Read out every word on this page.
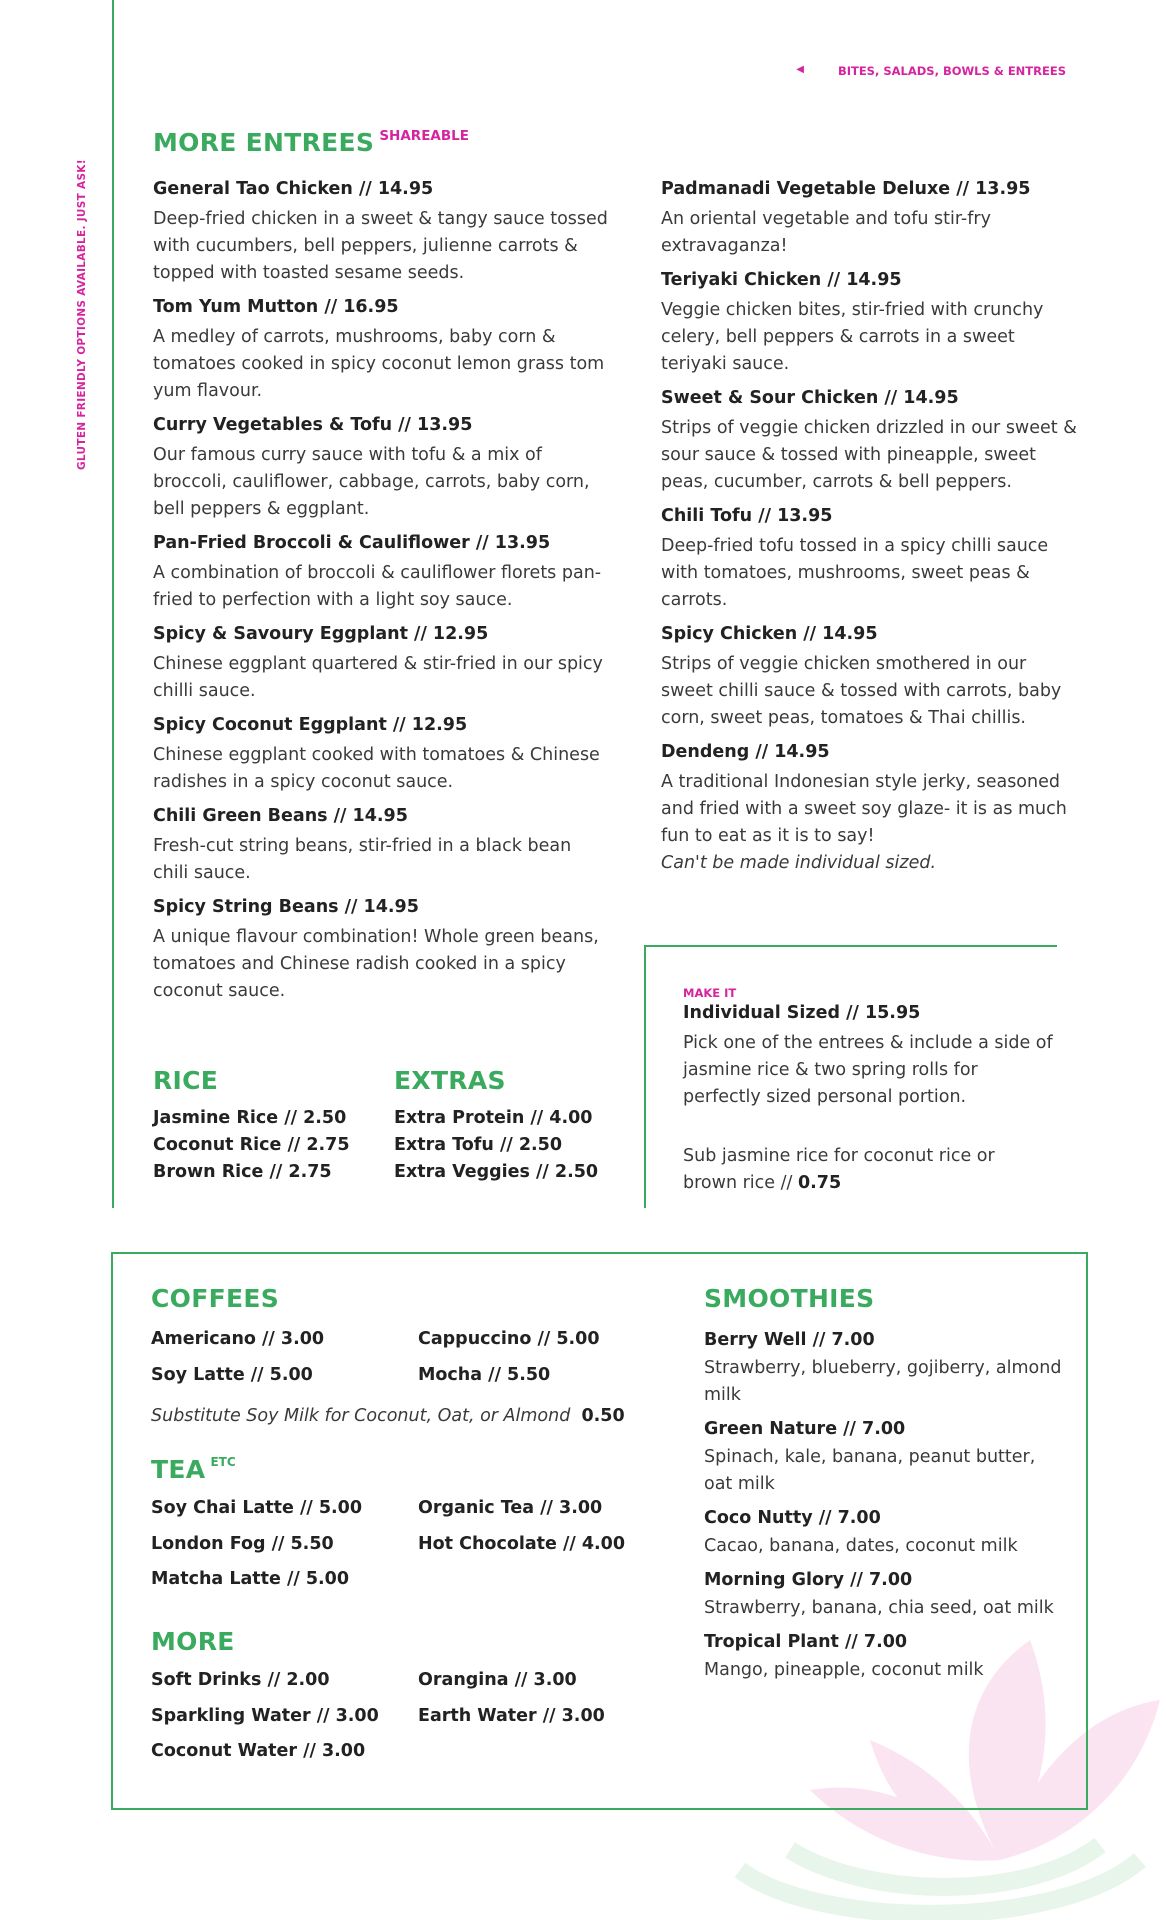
GLUTEN FRIENDLY OPTIONS AVAILABLE. JUST ASK!
◀	BITES, SALADS, BOWLS & ENTREES
MORE ENTREES $^{SHAREABLE}$
General Tao Chicken // 14.95
Deep-fried chicken in a sweet & tangy sauce tossed with cucumbers, bell peppers, julienne carrots & topped with toasted sesame seeds.
Tom Yum Mutton // 16.95
A medley of carrots, mushrooms, baby corn & tomatoes cooked in spicy coconut lemon grass tom yum flavour.
Curry Vegetables & Tofu // 13.95
Our famous curry sauce with tofu & a mix of broccoli, cauliflower, cabbage, carrots, baby corn, bell peppers & eggplant.
Pan-Fried Broccoli & Cauliflower // 13.95
A combination of broccoli & cauliflower florets pan-fried to perfection with a light soy sauce.
Spicy & Savoury Eggplant // 12.95
Chinese eggplant quartered & stir-fried in our spicy chilli sauce.
Spicy Coconut Eggplant // 12.95
Chinese eggplant cooked with tomatoes & Chinese radishes in a spicy coconut sauce.
Chili Green Beans // 14.95
Fresh-cut string beans, stir-fried in a black bean chili sauce.
Spicy String Beans // 14.95
A unique flavour combination! Whole green beans, tomatoes and Chinese radish cooked in a spicy coconut sauce.
Padmanadi Vegetable Deluxe // 13.95
An oriental vegetable and tofu stir-fry extravaganza!
Teriyaki Chicken // 14.95
Veggie chicken bites, stir-fried with crunchy celery, bell peppers & carrots in a sweet teriyaki sauce.
Sweet & Sour Chicken // 14.95
Strips of veggie chicken drizzled in our sweet & sour sauce & tossed with pineapple, sweet peas, cucumber, carrots & bell peppers.
Chili Tofu // 13.95
Deep-fried tofu tossed in a spicy chilli sauce with tomatoes, mushrooms, sweet peas & carrots.
Spicy Chicken // 14.95
Strips of veggie chicken smothered in our sweet chilli sauce & tossed with carrots, baby corn, sweet peas, tomatoes & Thai chillis.
Dendeng // 14.95
A traditional Indonesian style jerky, seasoned and fried with a sweet soy glaze- it is as much fun to eat as it is to say!
Can't be made individual sized.
MAKE IT
Individual Sized // 15.95
Pick one of the entrees & include a side of jasmine rice & two spring rolls for perfectly sized personal portion.
Sub jasmine rice for coconut rice or brown rice // 0.75
RICE
Jasmine Rice // 2.50
Coconut Rice // 2.75
Brown Rice // 2.75
EXTRAS
Extra Protein // 4.00
Extra Tofu // 2.50
Extra Veggies // 2.50
COFFEES
Americano // 3.00	Cappuccino // 5.00
Soy Latte // 5.00	Mocha // 5.50
Substitute Soy Milk for Coconut, Oat, or Almond 0.50
TEA $^{ETC}$
Soy Chai Latte // 5.00	Organic Tea // 3.00
London Fog // 5.50	Hot Chocolate // 4.00
Matcha Latte // 5.00
MORE
Soft Drinks // 2.00	Orangina // 3.00
Sparkling Water // 3.00	Earth Water // 3.00
Coconut Water // 3.00
SMOOTHIES
Berry Well // 7.00
Strawberry, blueberry, gojiberry, almond milk
Green Nature // 7.00
Spinach, kale, banana, peanut butter, oat milk
Coco Nutty // 7.00
Cacao, banana, dates, coconut milk
Morning Glory // 7.00
Strawberry, banana, chia seed, oat milk
Tropical Plant // 7.00
Mango, pineapple, coconut milk
